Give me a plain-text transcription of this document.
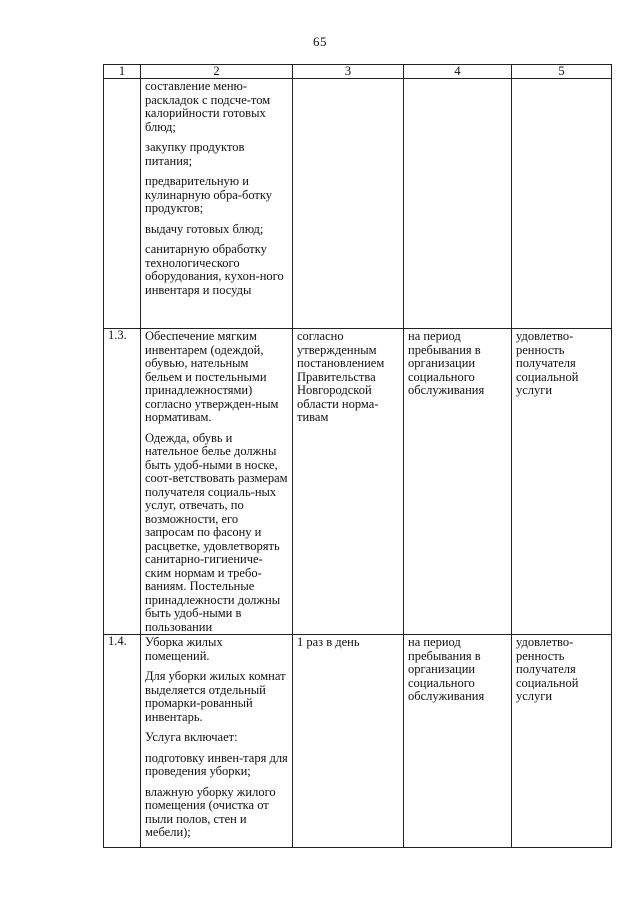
65
1	2	3	4	5

	составление меню-раскладок с подсче-том калорийности готовых блюд;

закупку продуктов питания;

предварительную и кулинарную обра-ботку продуктов;

выдачу готовых блюд;

санитарную обработку технологического оборудования, кухон-ного инвентаря и посуды			

1.3.	Обеспечение мягким инвентарем (одеждой, обувью, нательным бельем и постельными принадлежностями) согласно утвержден-ным нормативам.

Одежда, обувь и нательное белье должны быть удоб-ными в носке, соот-ветствовать размерам получателя социаль-ных услуг, отвечать, по возможности, его запросам по фасону и расцветке, удовлетворять санитарно-гигиениче-ским нормам и требо-ваниям. Постельные принадлежности должны быть удоб-ными в пользовании	согласно утвержденным постановлением Правительства Новгородской области норма-тивам	на период пребывания в организации социального обслуживания	удовлетво-ренность получателя социальной услуги

1.4.	Уборка жилых помещений.

Для уборки жилых комнат выделяется отдельный промарки-рованный инвентарь.

Услуга включает:

подготовку инвен-таря для проведения уборки;

влажную уборку жилого помещения (очистка от пыли полов, стен и мебели);	1 раз в день	на период пребывания в организации социального обслуживания	удовлетво-ренность получателя социальной услуги
